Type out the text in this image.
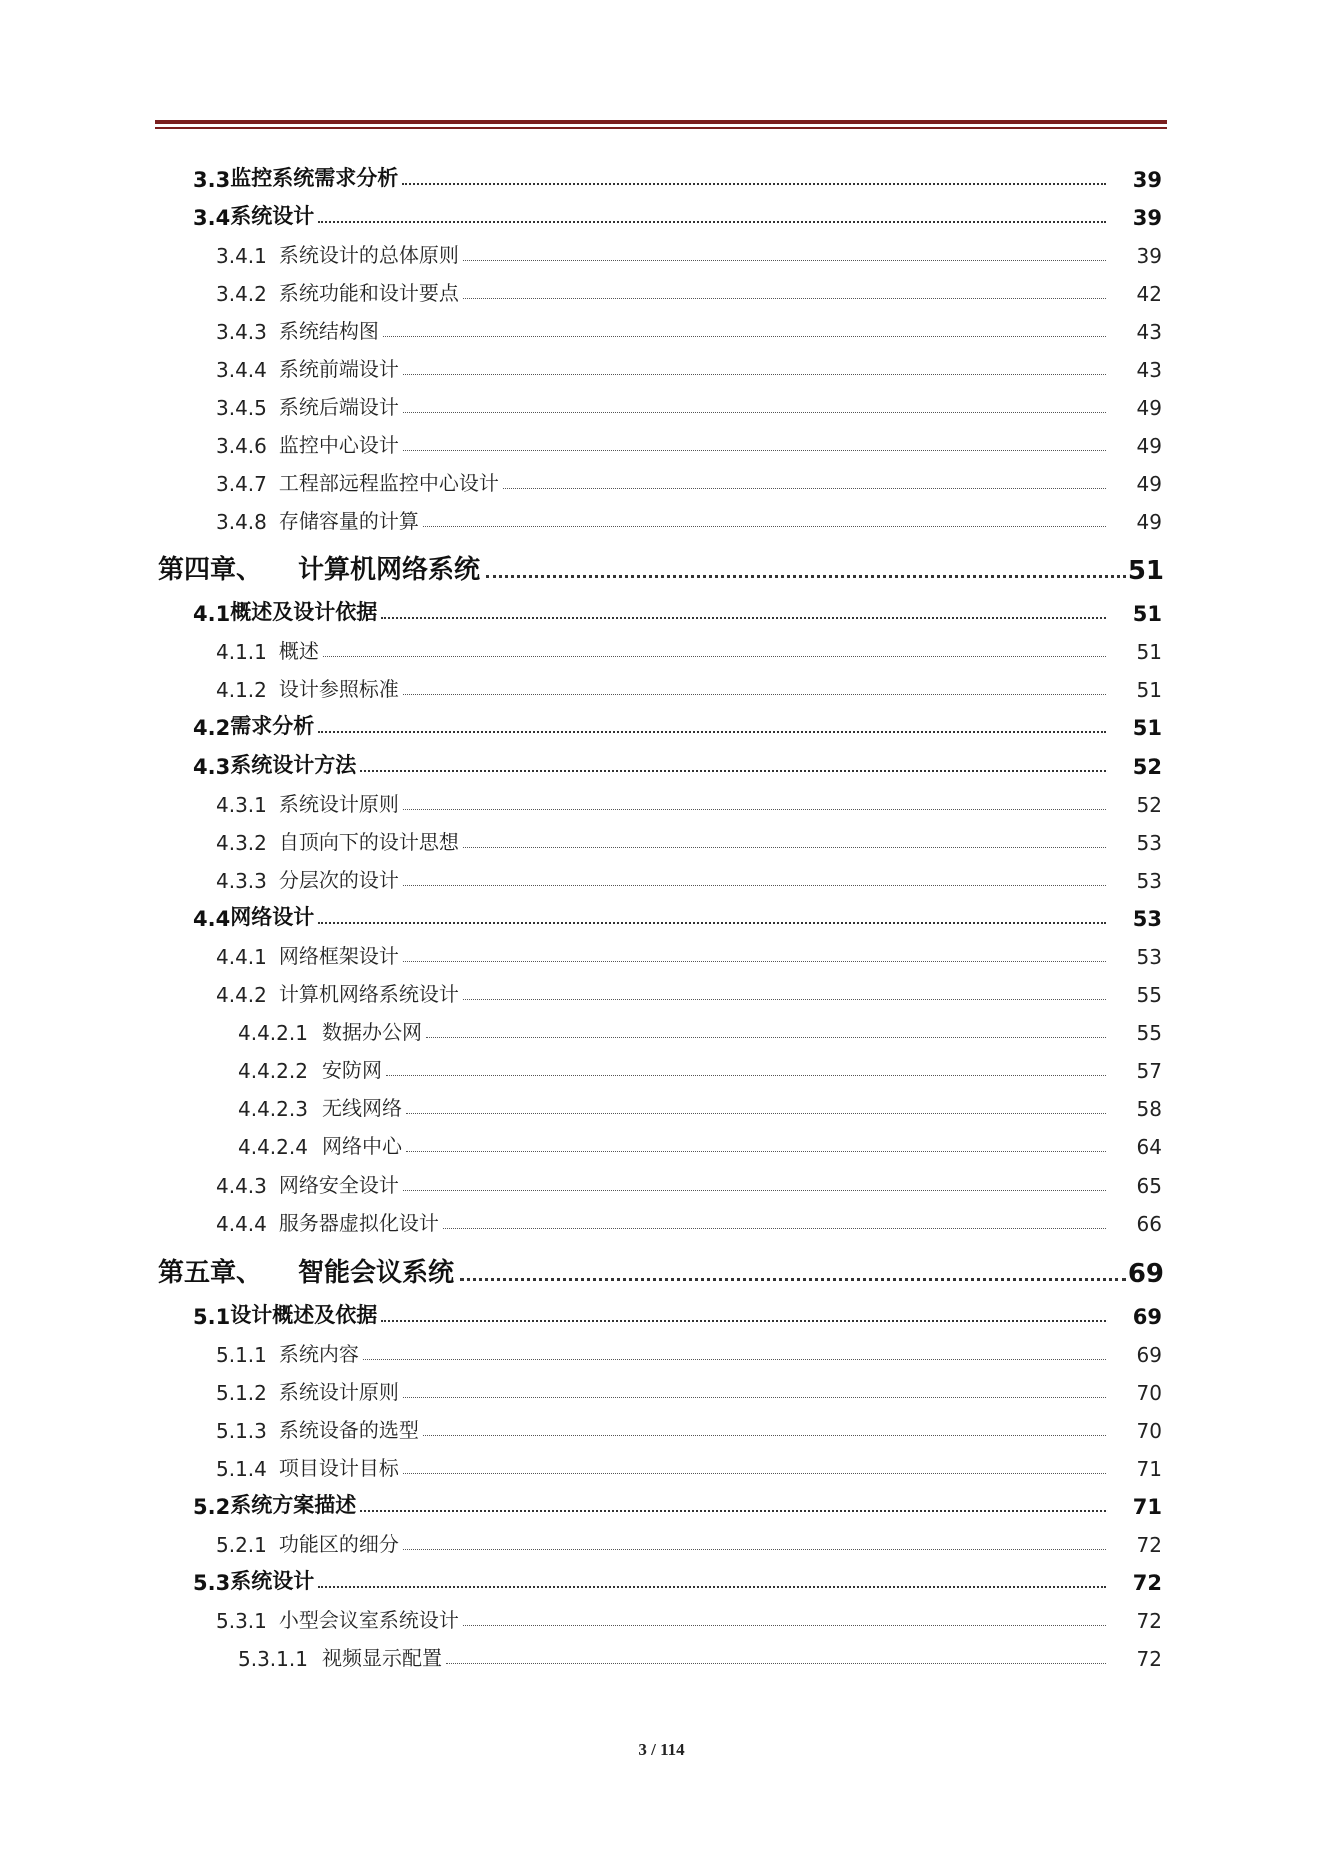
3.3 监控系统需求分析	39
3.4 系统设计	39
3.4.1 系统设计的总体原则	39
3.4.2 系统功能和设计要点	42
3.4.3 系统结构图	43
3.4.4 系统前端设计	43
3.4.5 系统后端设计	49
3.4.6 监控中心设计	49
3.4.7 工程部远程监控中心设计	49
3.4.8 存储容量的计算	49
第四章、	计算机网络系统	51
4.1 概述及设计依据	51
4.1.1 概述	51
4.1.2 设计参照标准	51
4.2 需求分析	51
4.3 系统设计方法	52
4.3.1 系统设计原则	52
4.3.2 自顶向下的设计思想	53
4.3.3 分层次的设计	53
4.4 网络设计	53
4.4.1 网络框架设计	53
4.4.2 计算机网络系统设计	55
4.4.2.1 数据办公网	55
4.4.2.2 安防网	57
4.4.2.3 无线网络	58
4.4.2.4 网络中心	64
4.4.3 网络安全设计	65
4.4.4 服务器虚拟化设计	66
第五章、	智能会议系统	69
5.1 设计概述及依据	69
5.1.1 系统内容	69
5.1.2 系统设计原则	70
5.1.3 系统设备的选型	70
5.1.4 项目设计目标	71
5.2 系统方案描述	71
5.2.1 功能区的细分	72
5.3 系统设计	72
5.3.1 小型会议室系统设计	72
5.3.1.1 视频显示配置	72
3 / 114
